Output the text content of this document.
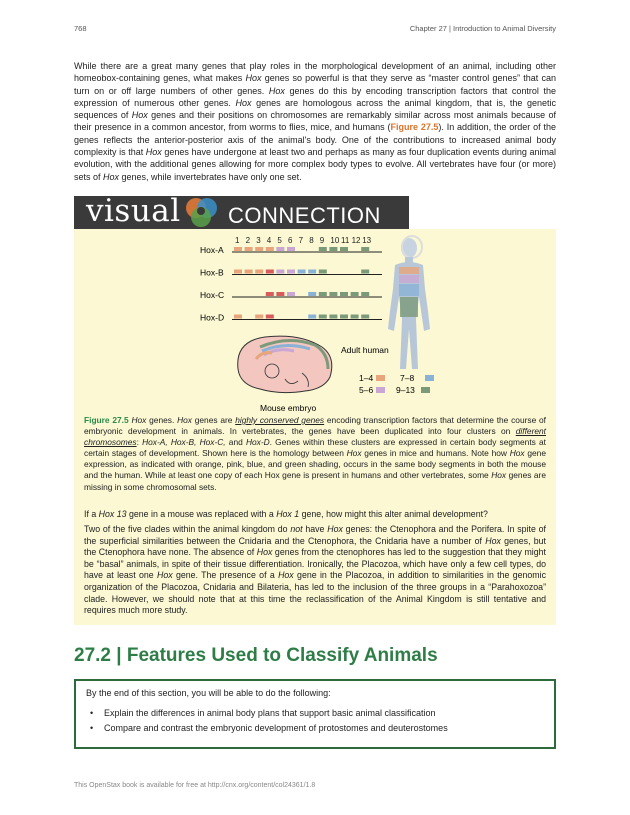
768	Chapter 27 | Introduction to Animal Diversity

While there are a great many genes that play roles in the morphological development of an animal, including other homeobox-containing genes, what makes Hox genes so powerful is that they serve as “master control genes” that can turn on or off large numbers of other genes. Hox genes do this by encoding transcription factors that control the expression of numerous other genes. Hox genes are homologous across the animal kingdom, that is, the genetic sequences of Hox genes and their positions on chromosomes are remarkably similar across most animals because of their presence in a common ancestor, from worms to flies, mice, and humans (Figure 27.5). In addition, the order of the genes reflects the anterior-posterior axis of the animal's body. One of the contributions to increased animal body complexity is that Hox genes have undergone at least two and perhaps as many as four duplication events during animal evolution, with the additional genes allowing for more complex body types to evolve. All vertebrates have four (or more) sets of Hox genes, while invertebrates have only one set.

visual CONNECTION
1 2 3 4 5 6 7 8 9 10 11 12 13
Hox-A
Hox-B
Hox-C
Hox-D
Adult human
Mouse embryo
1–4
5–6
7–8
9–13

Figure 27.5 Hox genes. Hox genes are highly conserved genes encoding transcription factors that determine the course of embryonic development in animals. In vertebrates, the genes have been duplicated into four clusters on different chromosomes: Hox-A, Hox-B, Hox-C, and Hox-D. Genes within these clusters are expressed in certain body segments at certain stages of development. Shown here is the homology between Hox genes in mice and humans. Note how Hox gene expression, as indicated with orange, pink, blue, and green shading, occurs in the same body segments in both the mouse and the human. While at least one copy of each Hox gene is present in humans and other vertebrates, some Hox genes are missing in some chromosomal sets.

If a Hox 13 gene in a mouse was replaced with a Hox 1 gene, how might this alter animal development?

Two of the five clades within the animal kingdom do not have Hox genes: the Ctenophora and the Porifera. In spite of the superficial similarities between the Cnidaria and the Ctenophora, the Cnidaria have a number of Hox genes, but the Ctenophora have none. The absence of Hox genes from the ctenophores has led to the suggestion that they might be “basal” animals, in spite of their tissue differentiation. Ironically, the Placozoa, which have only a few cell types, do have at least one Hox gene. The presence of a Hox gene in the Placozoa, in addition to similarities in the genomic organization of the Placozoa, Cnidaria and Bilateria, has led to the inclusion of the three groups in a “Parahoxozoa” clade. However, we should note that at this time the reclassification of the Animal Kingdom is still tentative and requires much more study.

27.2 | Features Used to Classify Animals
By the end of this section, you will be able to do the following:
• Explain the differences in animal body plans that support basic animal classification
• Compare and contrast the embryonic development of protostomes and deuterostomes
This OpenStax book is available for free at http://cnx.org/content/col24361/1.8
